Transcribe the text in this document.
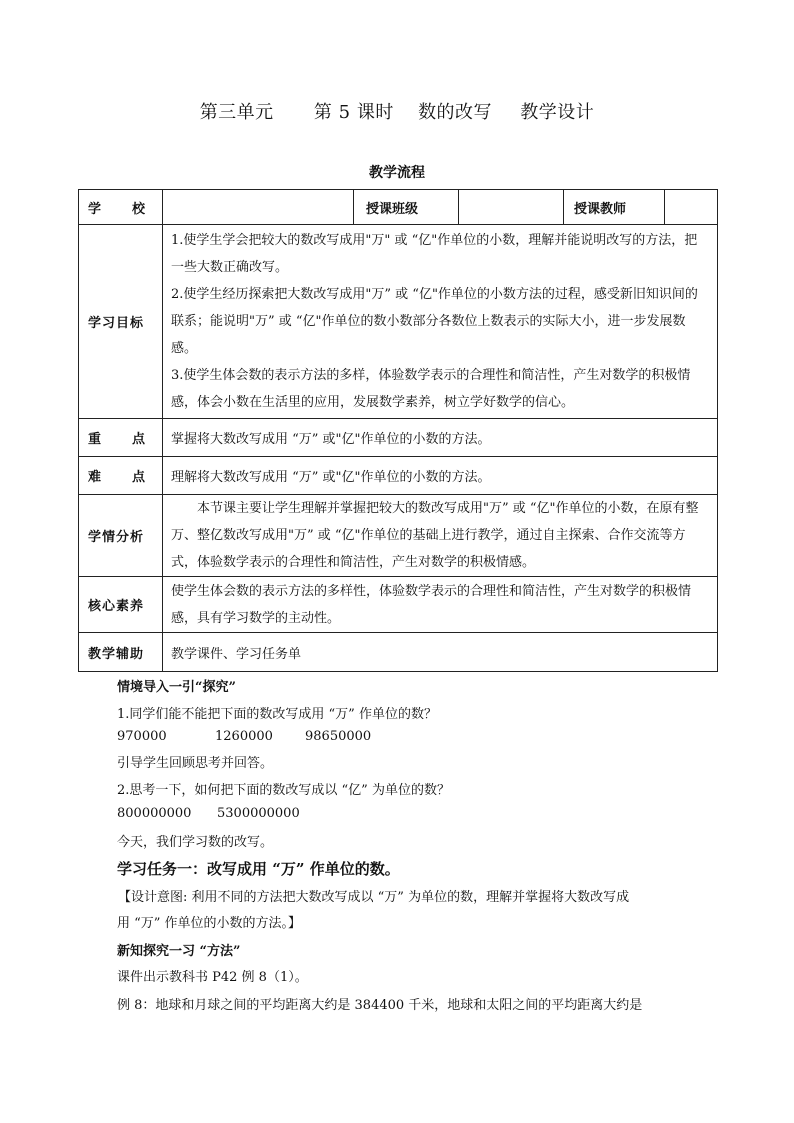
第三单元 第 5 课时 数的改写 教学设计
教学流程
学 校		授课班级		授课教师	
学习目标	1.使学生学会把较大的数改写成用"万" 或 “亿"作单位的小数，理解并能说明改写的方法，把一些大数正确改写。

2.使学生经历探索把大数改写成用"万” 或 “亿"作单位的小数方法的过程，感受新旧知识间的联系；能说明"万” 或 “亿"作单位的数小数部分各数位上数表示的实际大小，进一步发展数感。

3.使学生体会数的表示方法的多样，体验数学表示的合理性和简洁性，产生对数学的积极情感，体会小数在生活里的应用，发展数学素养，树立学好数学的信心。				

重 点	掌握将大数改写成用 “万” 或"亿"作单位的小数的方法。				
难 点	理解将大数改写成用 “万” 或"亿"作单位的小数的方法。				
学情分析	本节课主要让学生理解并掌握把较大的数改写成用"万” 或 “亿"作单位的小数，在原有整万、整亿数改写成用"万” 或 “亿"作单位的基础上进行教学，通过自主探索、合作交流等方式，体验数学表示的合理性和简洁性，产生对数学的积极情感。				

核心素养	使学生体会数的表示方法的多样性，体验数学表示的合理性和简洁性，产生对数学的积极情感，具有学习数学的主动性。				

教学辅助	教学课件、学习任务单				
情境导入一引“探究”
1.同学们能不能把下面的数改写成用 “万” 作单位的数？
970000	1260000 98650000
引导学生回顾思考并回答。
2.思考一下，如何把下面的数改写成以 “亿” 为单位的数？
800000000 5300000000
今天，我们学习数的改写。
学习任务一：改写成用 “万” 作单位的数。
【设计意图: 利用不同的方法把大数改写成以 “万” 为单位的数，理解并掌握将大数改写成
用 “万” 作单位的小数的方法。】
新知探究一习 “方法”
课件出示教科书 P42 例 8（1）。
例 8：地球和月球之间的平均距离大约是 384400 千米，地球和太阳之间的平均距离大约是
